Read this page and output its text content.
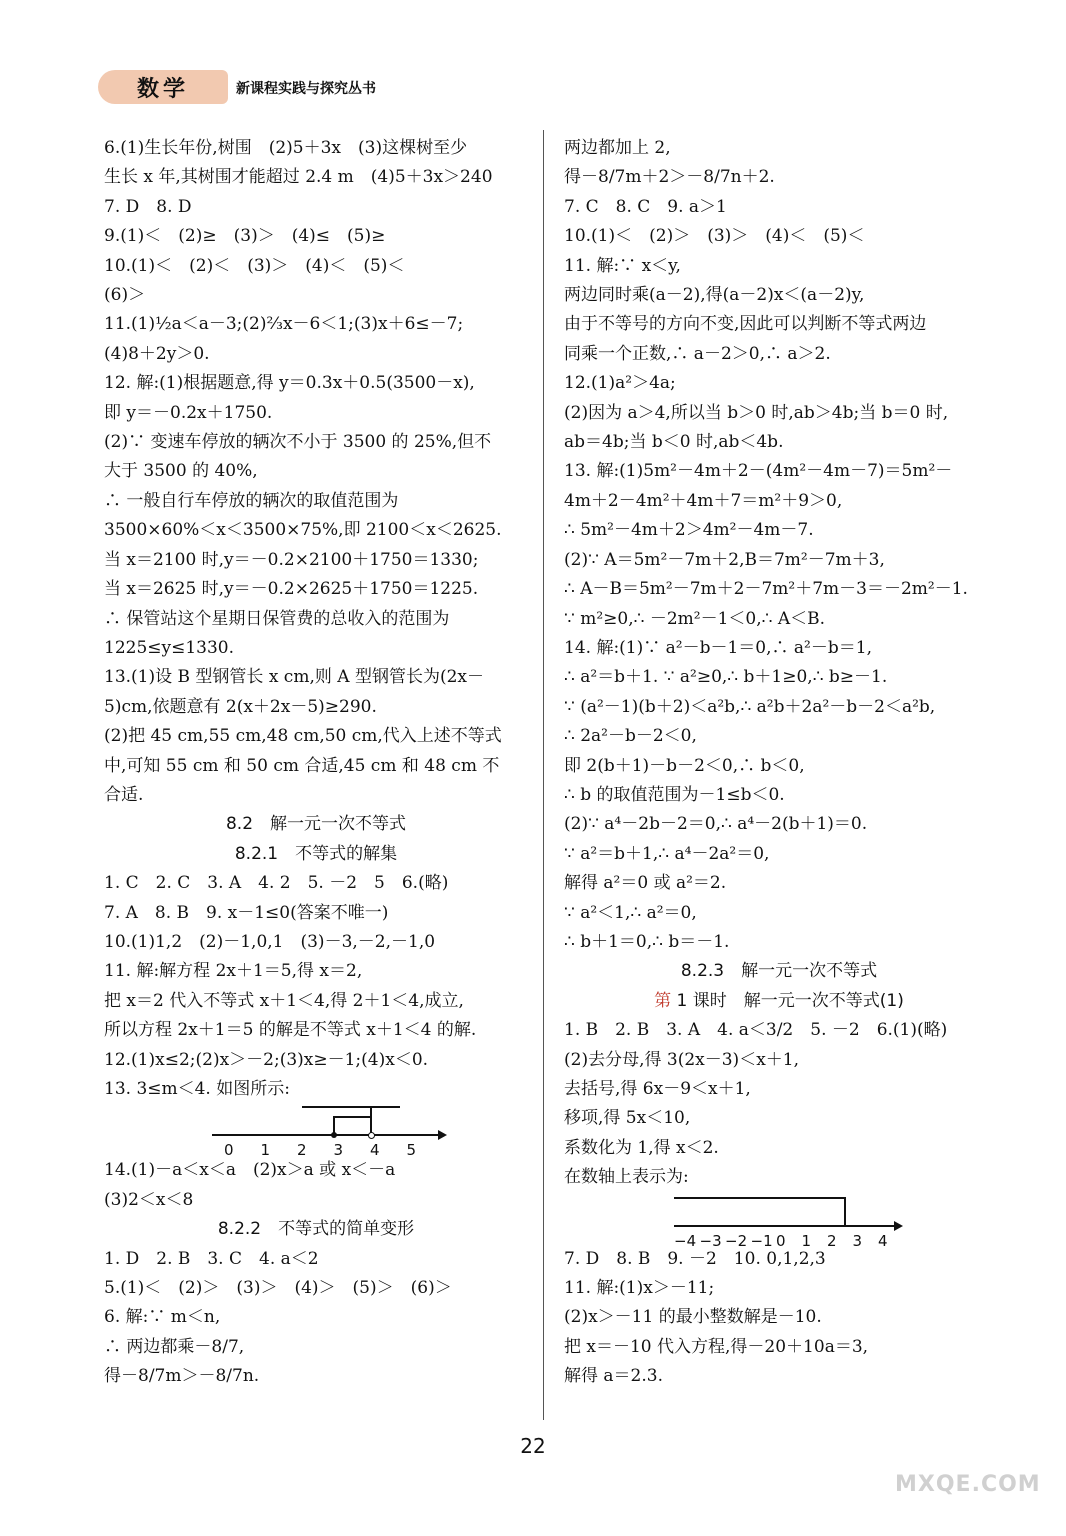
数学	新课程实践与探究丛书
6.(1)生长年份,树围　(2)5＋3x　(3)这棵树至少
生长 x 年,其树围才能超过 2.4 m　(4)5＋3x＞240
7. D　8. D
9.(1)＜　(2)≥　(3)＞　(4)≤　(5)≥
10.(1)＜　(2)＜　(3)＞　(4)＜　(5)＜
(6)＞
11.(1)½a＜a－3;(2)⅔x－6＜1;(3)x＋6≤－7;
(4)8＋2y＞0.
12. 解:(1)根据题意,得 y＝0.3x＋0.5(3500－x),
即 y＝－0.2x＋1750.
(2)∵ 变速车停放的辆次不小于 3500 的 25%,但不
大于 3500 的 40%,
∴ 一般自行车停放的辆次的取值范围为
3500×60%＜x＜3500×75%,即 2100＜x＜2625.
当 x＝2100 时,y＝－0.2×2100＋1750＝1330;
当 x＝2625 时,y＝－0.2×2625＋1750＝1225.
∴ 保管站这个星期日保管费的总收入的范围为
1225≤y≤1330.
13.(1)设 B 型钢管长 x cm,则 A 型钢管长为(2x－
5)cm,依题意有 2(x＋2x－5)≥290.
(2)把 45 cm,55 cm,48 cm,50 cm,代入上述不等式
中,可知 55 cm 和 50 cm 合适,45 cm 和 48 cm 不
合适.
8.2　解一元一次不等式
8.2.1　不等式的解集
1. C　2. C　3. A　4. 2　5. －2　5　6.(略)
7. A　8. B　9. x－1≤0(答案不唯一)
10.(1)1,2　(2)－1,0,1　(3)－3,－2,－1,0
11. 解:解方程 2x＋1＝5,得 x＝2,
把 x＝2 代入不等式 x＋1＜4,得 2＋1＜4,成立,
所以方程 2x＋1＝5 的解是不等式 x＋1＜4 的解.
12.(1)x≤2;(2)x＞－2;(3)x≥－1;(4)x＜0.
13. 3≤m＜4. 如图所示:
0 1 2 3 4 5
14.(1)－a＜x＜a　(2)x＞a 或 x＜－a
(3)2＜x＜8
8.2.2　不等式的简单变形
1. D　2. B　3. C　4. a＜2
5.(1)＜　(2)＞　(3)＞　(4)＞　(5)＞　(6)＞
6. 解:∵ m＜n,
∴ 两边都乘－8/7,
得－8/7m＞－8/7n.
两边都加上 2,
得－8/7m＋2＞－8/7n＋2.
7. C　8. C　9. a＞1
10.(1)＜　(2)＞　(3)＞　(4)＜　(5)＜
11. 解:∵ x＜y,
两边同时乘(a－2),得(a－2)x＜(a－2)y,
由于不等号的方向不变,因此可以判断不等式两边
同乘一个正数,∴ a－2＞0,∴ a＞2.
12.(1)a²＞4a;
(2)因为 a＞4,所以当 b＞0 时,ab＞4b;当 b＝0 时,
ab＝4b;当 b＜0 时,ab＜4b.
13. 解:(1)5m²－4m＋2－(4m²－4m－7)＝5m²－
4m＋2－4m²＋4m＋7＝m²＋9＞0,
∴ 5m²－4m＋2＞4m²－4m－7.
(2)∵ A＝5m²－7m＋2,B＝7m²－7m＋3,
∴ A－B＝5m²－7m＋2－7m²＋7m－3＝－2m²－1.
∵ m²≥0,∴ －2m²－1＜0,∴ A＜B.
14. 解:(1)∵ a²－b－1＝0,∴ a²－b＝1,
∴ a²＝b＋1. ∵ a²≥0,∴ b＋1≥0,∴ b≥－1.
∵ (a²－1)(b＋2)＜a²b,∴ a²b＋2a²－b－2＜a²b,
∴ 2a²－b－2＜0,
即 2(b＋1)－b－2＜0,∴ b＜0,
∴ b 的取值范围为－1≤b＜0.
(2)∵ a⁴－2b－2＝0,∴ a⁴－2(b＋1)＝0.
∵ a²＝b＋1,∴ a⁴－2a²＝0,
解得 a²＝0 或 a²＝2.
∵ a²＜1,∴ a²＝0,
∴ b＋1＝0,∴ b＝－1.
8.2.3　解一元一次不等式
第 1 课时　解一元一次不等式(1)
1. B　2. B　3. A　4. a＜3/2　5. －2　6.(1)(略)
(2)去分母,得 3(2x－3)＜x＋1,
去括号,得 6x－9＜x＋1,
移项,得 5x＜10,
系数化为 1,得 x＜2.
在数轴上表示为:
−4 −3 −2 −1 0 1 2 3 4
7. D　8. B　9. －2　10. 0,1,2,3
11. 解:(1)x＞－11;
(2)x＞－11 的最小整数解是－10.
把 x＝－10 代入方程,得－20＋10a＝3,
解得 a＝2.3.
22
MXQE.COM
